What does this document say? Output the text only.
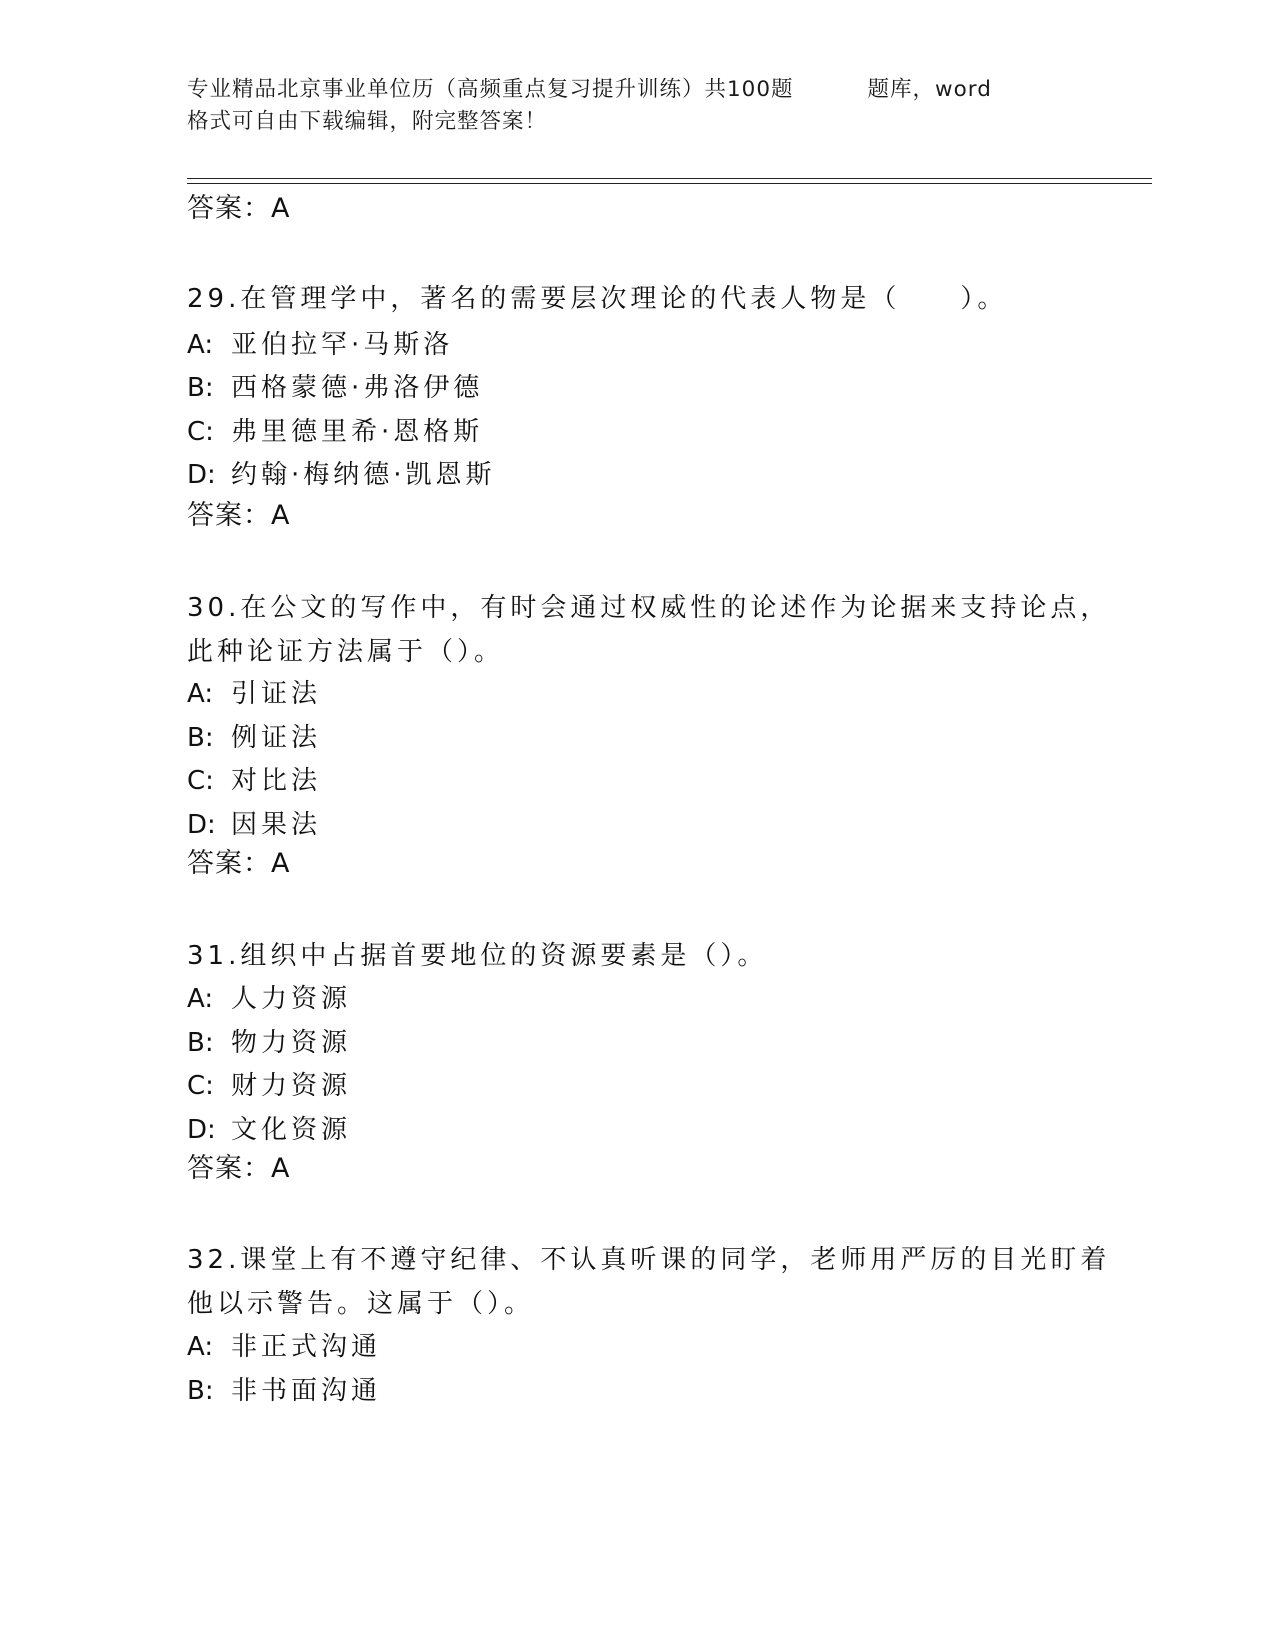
专业精品北京事业单位历（高频重点复习提升训练）共100题	题库，word
格式可自由下载编辑，附完整答案！
答案：A
29.在管理学中，著名的需要层次理论的代表人物是（　　）。
A: 亚伯拉罕·马斯洛
B: 西格蒙德·弗洛伊德
C: 弗里德里希·恩格斯
D: 约翰·梅纳德·凯恩斯
答案：A
30.在公文的写作中，有时会通过权威性的论述作为论据来支持论点，
此种论证方法属于（）。
A: 引证法
B: 例证法
C: 对比法
D: 因果法
答案：A
31.组织中占据首要地位的资源要素是（）。
A: 人力资源
B: 物力资源
C: 财力资源
D: 文化资源
答案：A
32.课堂上有不遵守纪律、不认真听课的同学，老师用严厉的目光盯着
他以示警告。这属于（）。
A: 非正式沟通
B: 非书面沟通
